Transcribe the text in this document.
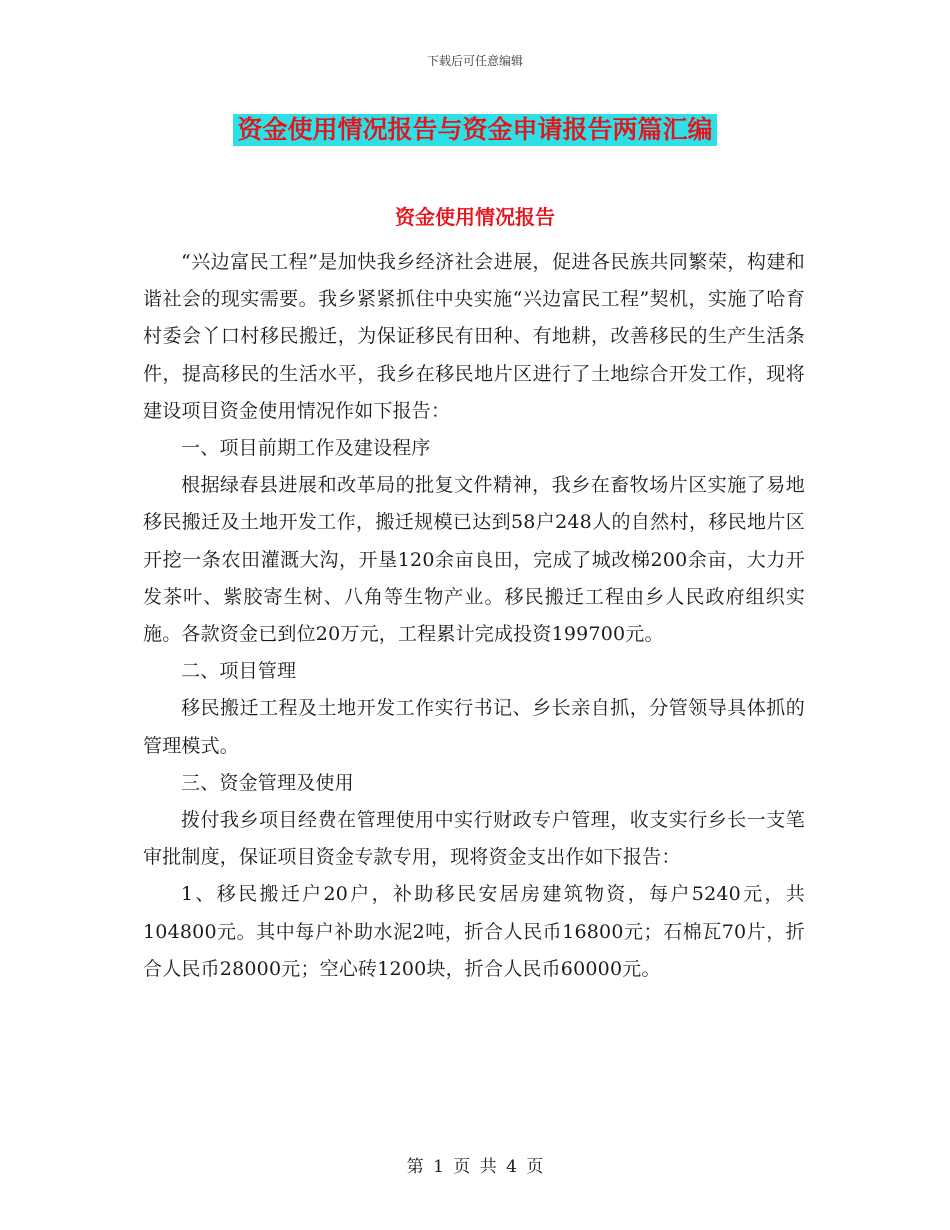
下载后可任意编辑
资金使用情况报告与资金申请报告两篇汇编
资金使用情况报告

“兴边富民工程”是加快我乡经济社会进展，促进各民族共同繁荣，构建和谐社会的现实需要。我乡紧紧抓住中央实施“兴边富民工程”契机，实施了哈育村委会丫口村移民搬迁，为保证移民有田种、有地耕，改善移民的生产生活条件，提高移民的生活水平，我乡在移民地片区进行了土地综合开发工作，现将建设项目资金使用情况作如下报告：

一、项目前期工作及建设程序

根据绿春县进展和改革局的批复文件精神，我乡在畜牧场片区实施了易地移民搬迁及土地开发工作，搬迁规模已达到58户248人的自然村，移民地片区开挖一条农田灌溉大沟，开垦120余亩良田，完成了城改梯200余亩，大力开发茶叶、紫胶寄生树、八角等生物产业。移民搬迁工程由乡人民政府组织实施。各款资金已到位20万元，工程累计完成投资199700元。

二、项目管理

移民搬迁工程及土地开发工作实行书记、乡长亲自抓，分管领导具体抓的管理模式。

三、资金管理及使用

拨付我乡项目经费在管理使用中实行财政专户管理，收支实行乡长一支笔审批制度，保证项目资金专款专用，现将资金支出作如下报告：

1、移民搬迁户20户，补助移民安居房建筑物资，每户5240元，共104800元。其中每户补助水泥2吨，折合人民币16800元；石棉瓦70片，折合人民币28000元；空心砖1200块，折合人民币60000元。

第 1 页 共 4 页
